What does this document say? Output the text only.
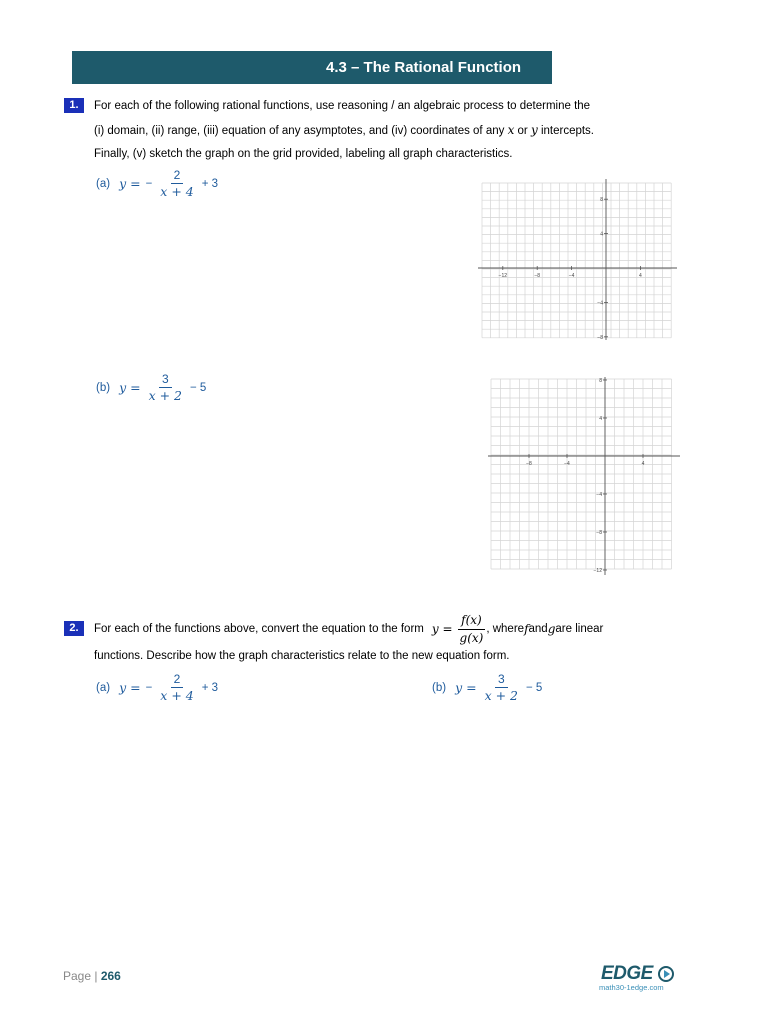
4.3 – The Rational Function
1.	For each of the following rational functions, use reasoning / an algebraic process to determine the
(i) domain, (ii) range, (iii) equation of any asymptotes, and (iv) coordinates of any x or y intercepts.
Finally, (v) sketch the graph on the grid provided, labeling all graph characteristics.
(a) y = − $\frac{2}{x + 4} + 3$
−12	−8	−4	4
8
4
−4
−8
(b) $y = \frac{3}{x + 2} - 5$
−8	−4	4
8
4
−4
−8
−12
2.	For each of the functions above, convert the equation to the form $y = \frac{f(x)}{g(x)}$ , where f and g are linear
functions. Describe how the graph characteristics relate to the new equation form.
(a) y = − $\frac{2}{x + 4} + 3$	(b) $y = \frac{3}{x + 2} - 5$
Page | 266	EDGE
math30-1edge.com
